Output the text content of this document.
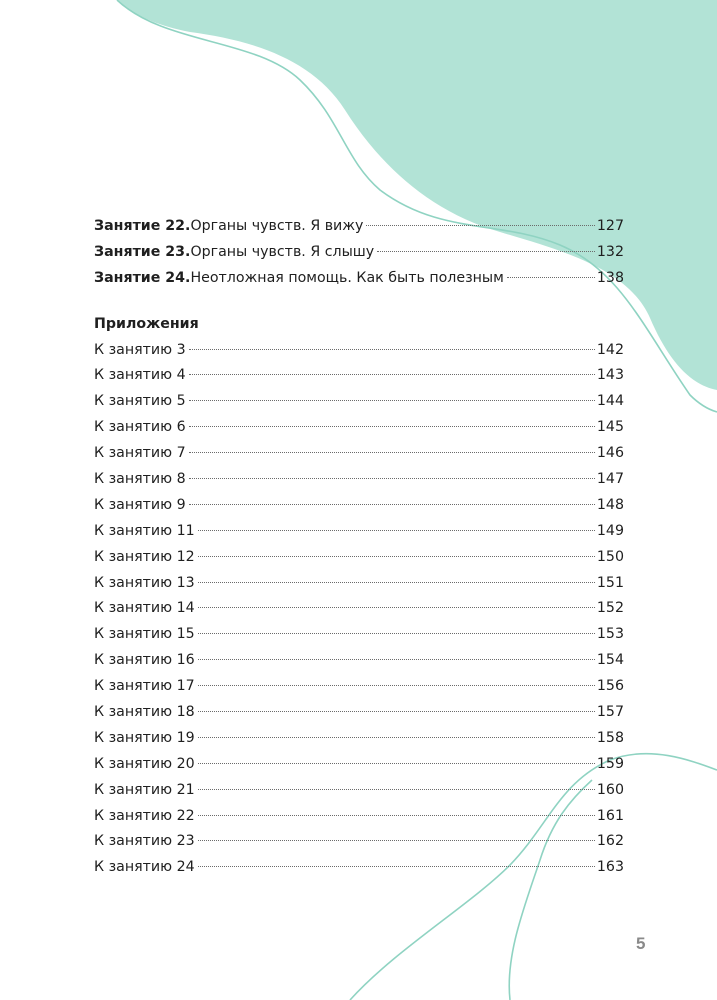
Занятие 22. Органы чувств. Я вижу	127
Занятие 23. Органы чувств. Я слышу	132
Занятие 24. Неотложная помощь. Как быть полезным	138
Приложения
К занятию 3	142
К занятию 4	143
К занятию 5	144
К занятию 6	145
К занятию 7	146
К занятию 8	147
К занятию 9	148
К занятию 11	149
К занятию 12	150
К занятию 13	151
К занятию 14	152
К занятию 15	153
К занятию 16	154
К занятию 17	156
К занятию 18	157
К занятию 19	158
К занятию 20	159
К занятию 21	160
К занятию 22	161
К занятию 23	162
К занятию 24	163
5
